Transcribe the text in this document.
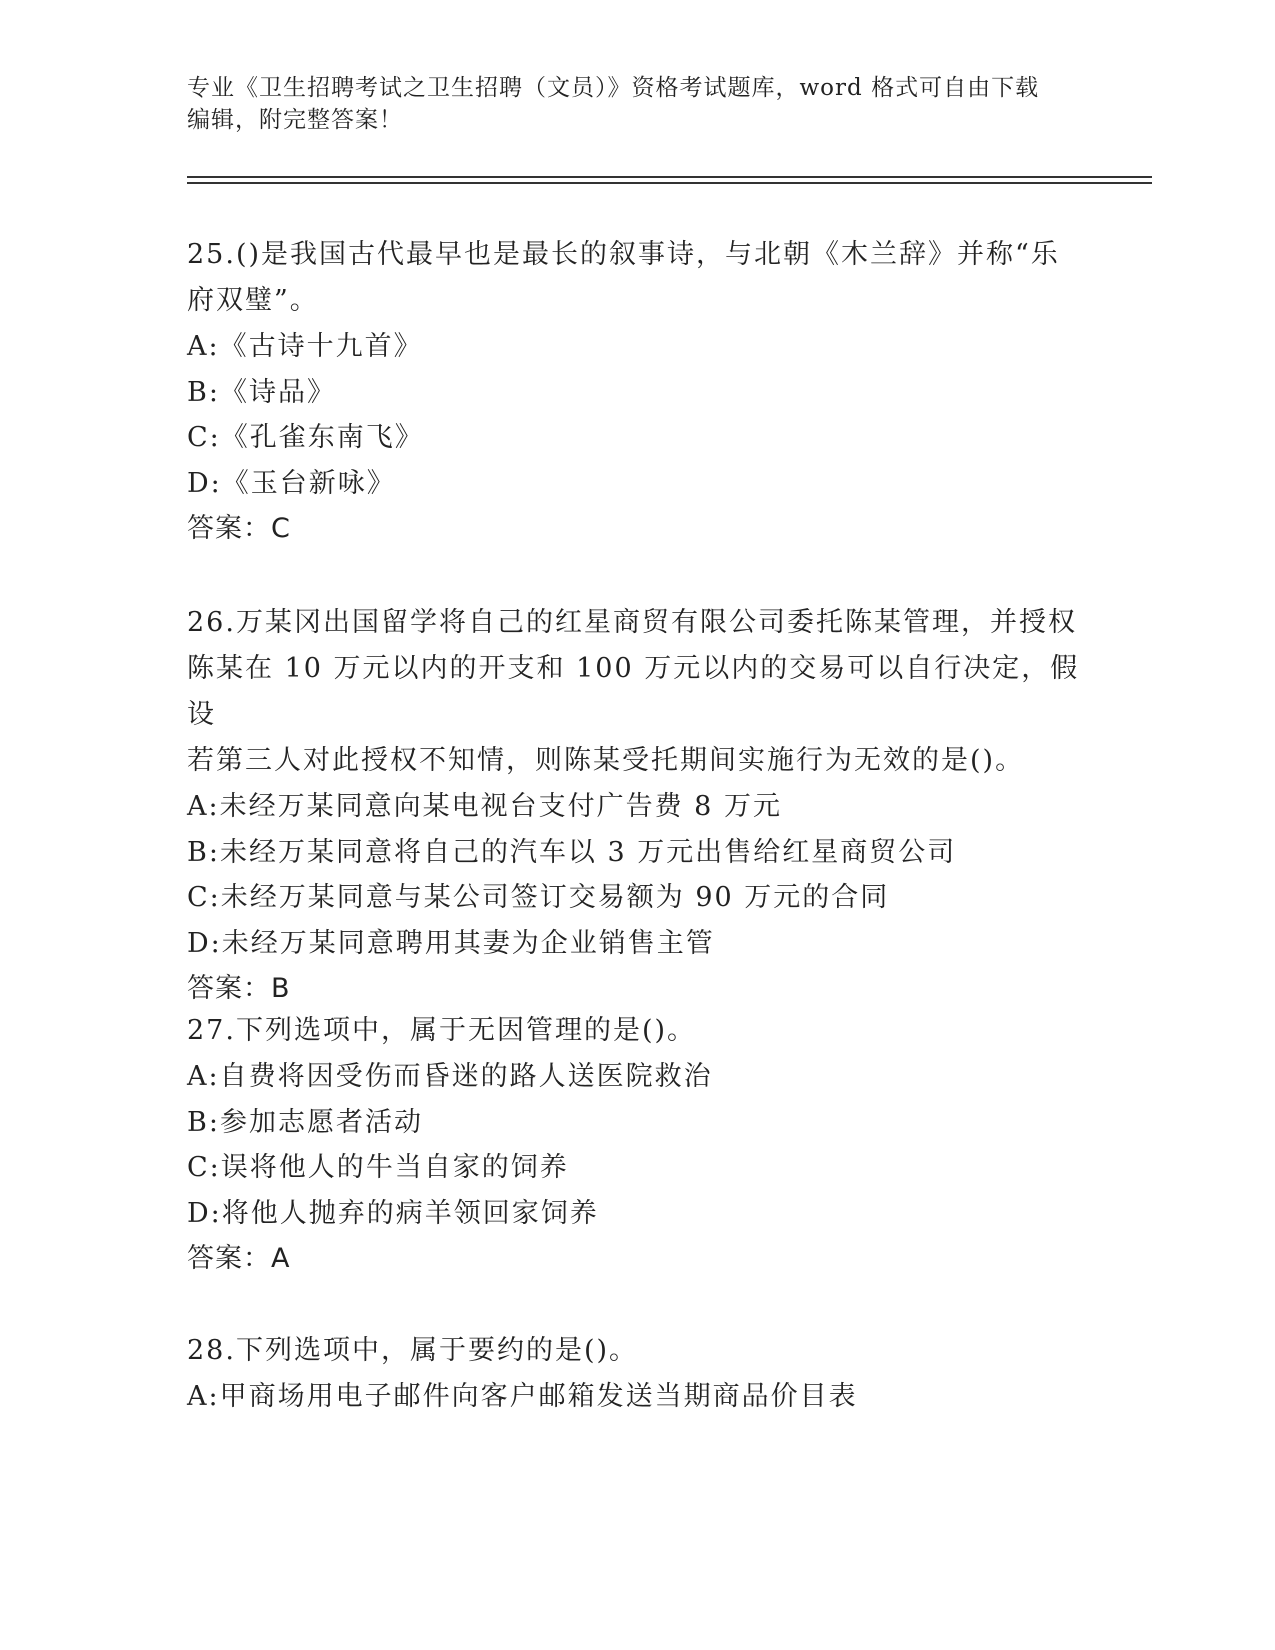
专业《卫生招聘考试之卫生招聘（文员）》资格考试题库，word 格式可自由下载
编辑，附完整答案！
25.()是我国古代最早也是最长的叙事诗，与北朝《木兰辞》并称“乐
府双璧”。
A:《古诗十九首》
B:《诗品》
C:《孔雀东南飞》
D:《玉台新咏》
答案：C
26.万某冈出国留学将自己的红星商贸有限公司委托陈某管理，并授权
陈某在 10 万元以内的开支和 100 万元以内的交易可以自行决定，假设
若第三人对此授权不知情，则陈某受托期间实施行为无效的是()。
A:未经万某同意向某电视台支付广告费 8 万元
B:未经万某同意将自己的汽车以 3 万元出售给红星商贸公司
C:未经万某同意与某公司签订交易额为 90 万元的合同
D:未经万某同意聘用其妻为企业销售主管
答案：B
27.下列选项中，属于无因管理的是()。
A:自费将因受伤而昏迷的路人送医院救治
B:参加志愿者活动
C:误将他人的牛当自家的饲养
D:将他人抛弃的病羊领回家饲养
答案：A
28.下列选项中，属于要约的是()。
A:甲商场用电子邮件向客户邮箱发送当期商品价目表
